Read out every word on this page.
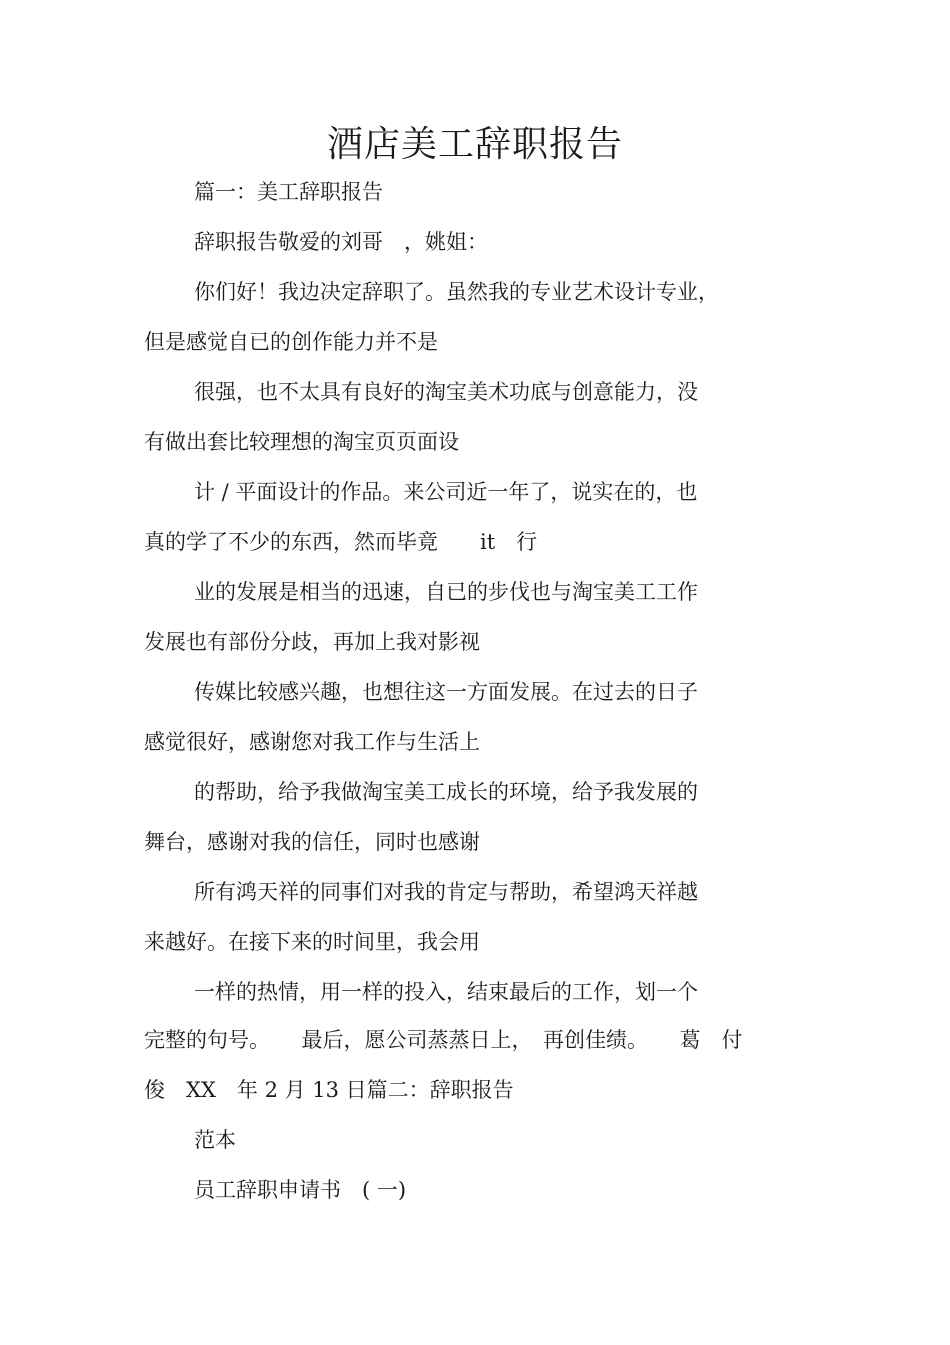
酒店美工辞职报告

篇一：美工辞职报告

辞职报告敬爱的刘哥　，姚姐：

你们好！我边决定辞职了。虽然我的专业艺术设计专业，

但是感觉自已的创作能力并不是

很强，也不太具有良好的淘宝美术功底与创意能力，没

有做出套比较理想的淘宝页页面设

计 / 平面设计的作品。来公司近一年了，说实在的，也

真的学了不少的东西，然而毕竟　　it　行

业的发展是相当的迅速，自已的步伐也与淘宝美工工作

发展也有部份分歧，再加上我对影视

传媒比较感兴趣，也想往这一方面发展。在过去的日子

感觉很好，感谢您对我工作与生活上

的帮助，给予我做淘宝美工成长的环境，给予我发展的

舞台，感谢对我的信任，同时也感谢

所有鸿天祥的同事们对我的肯定与帮助，希望鸿天祥越

来越好。在接下来的时间里，我会用

一样的热情，用一样的投入，结束最后的工作，划一个

完整的句号。　　最后，愿公司蒸蒸日上，　再创佳绩。　　葛　付

俊　XX　年 2 月 13 日篇二：辞职报告

范本

员工辞职申请书　( 一)
